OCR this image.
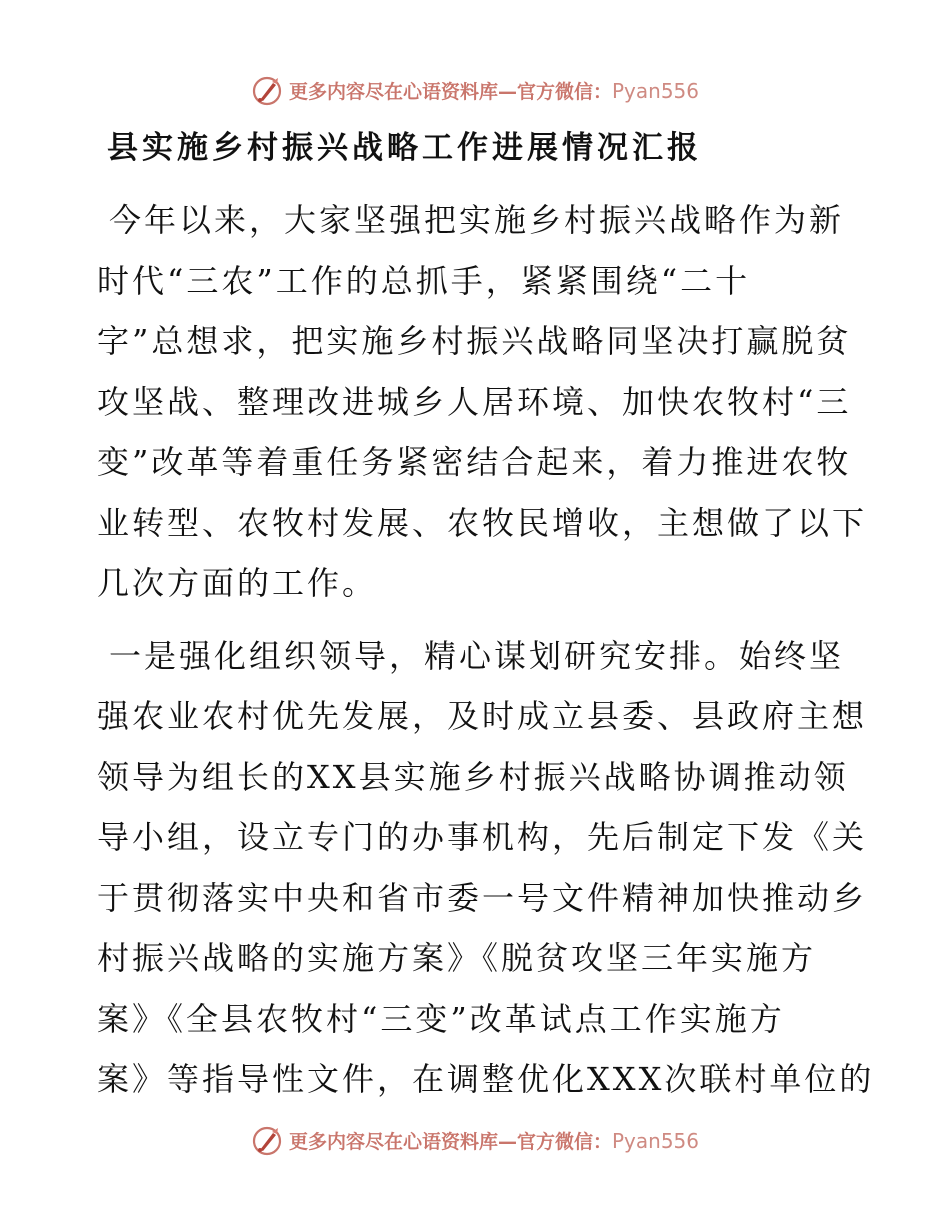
更多内容尽在心语资料库—官方微信：Pyan556
县实施乡村振兴战略工作进展情况汇报

今年以来，大家坚强把实施乡村振兴战略作为新

时代“三农”工作的总抓手，紧紧围绕“二十

字”总想求，把实施乡村振兴战略同坚决打赢脱贫

攻坚战、整理改进城乡人居环境、加快农牧村“三

变”改革等着重任务紧密结合起来，着力推进农牧

业转型、农牧村发展、农牧民增收，主想做了以下

几次方面的工作。

一是强化组织领导，精心谋划研究安排。始终坚

强农业农村优先发展，及时成立县委、县政府主想

领导为组长的XX县实施乡村振兴战略协调推动领

导小组，设立专门的办事机构，先后制定下发《关

于贯彻落实中央和省市委一号文件精神加快推动乡

村振兴战略的实施方案》《脱贫攻坚三年实施方

案》《全县农牧村“三变”改革试点工作实施方

案》等指导性文件，在调整优化XXX次联村单位的

更多内容尽在心语资料库—官方微信：Pyan556
